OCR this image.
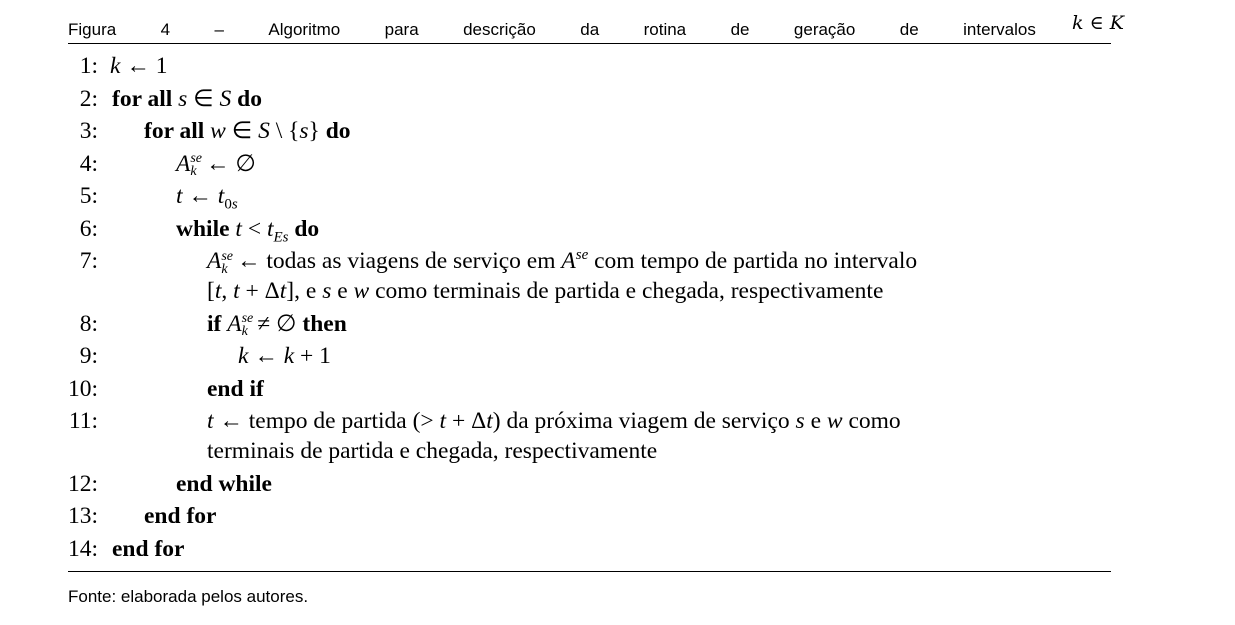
Figura	4	–	Algoritmo	para	descrição	da	rotina	de	geração	de	intervalos k ∈ K
1: k ← 1
2: for all s ∈ S do
3: for all w ∈ S \ {s} do
4:	A se
k ← ∅
5:	t ← $t_{0s}$
6:	while $t < t_{Es}$ do
7:	A se
k ← todas as viagens de serviço em $A^{se}$ com tempo de partida no intervalo
[t, t + Δt], e s e w como terminais de partida e chegada, respectivamente
8:	if A se
k ≠ ∅ then
9:	k ← k + 1
10:	end if
11:	t ← tempo de partida (> t + Δt) da próxima viagem de serviço s e w como
terminais de partida e chegada, respectivamente
12:	end while
13: end for
14: end for
Fonte: elaborada pelos autores.
